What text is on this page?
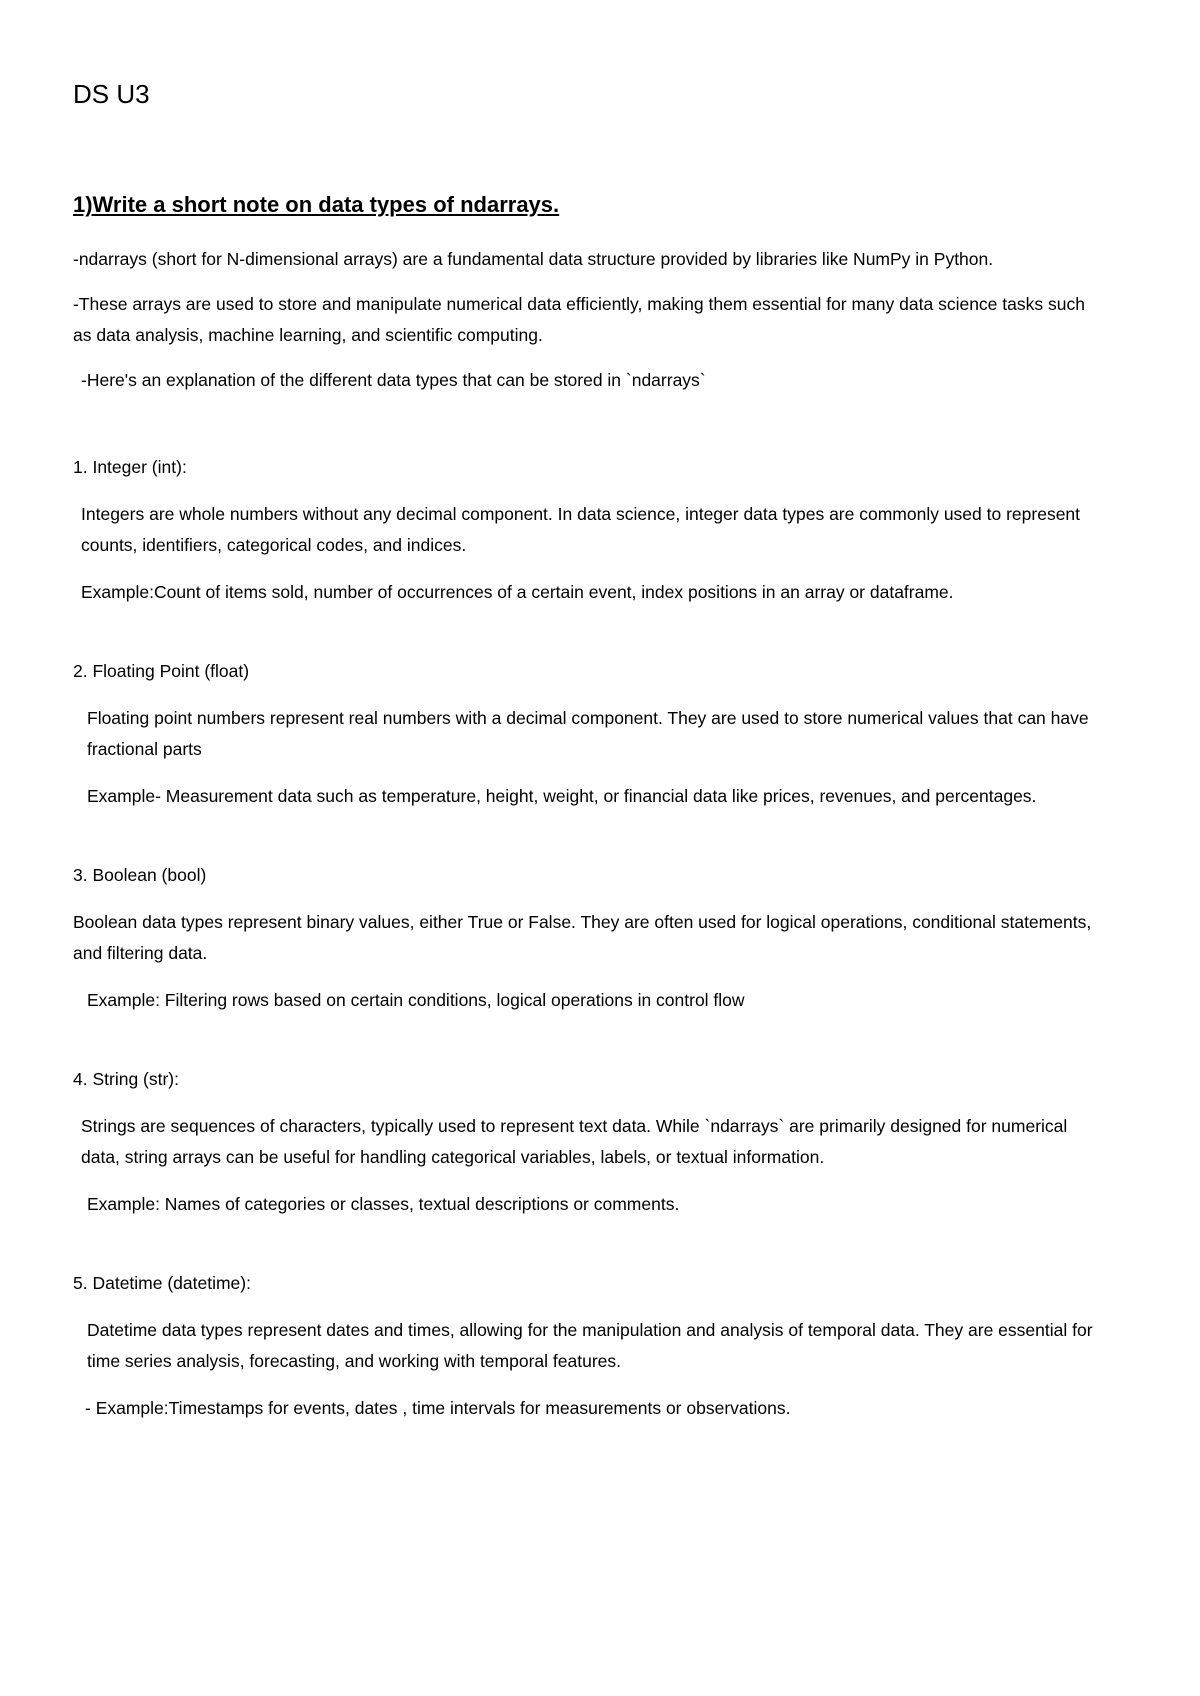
DS U3

1)Write a short note on data types of ndarrays.

-ndarrays (short for N-dimensional arrays) are a fundamental data structure provided by libraries like NumPy in Python.

-These arrays are used to store and manipulate numerical data efficiently, making them essential for many data science tasks such as data analysis, machine learning, and scientific computing.

-Here's an explanation of the different data types that can be stored in `ndarrays`

1. Integer (int):

Integers are whole numbers without any decimal component. In data science, integer data types are commonly used to represent counts, identifiers, categorical codes, and indices.

Example:Count of items sold, number of occurrences of a certain event, index positions in an array or dataframe.

2. Floating Point (float)

Floating point numbers represent real numbers with a decimal component. They are used to store numerical values that can have fractional parts

Example- Measurement data such as temperature, height, weight, or financial data like prices, revenues, and percentages.

3. Boolean (bool)

Boolean data types represent binary values, either True or False. They are often used for logical operations, conditional statements, and filtering data.

Example: Filtering rows based on certain conditions, logical operations in control flow

4. String (str):

Strings are sequences of characters, typically used to represent text data. While `ndarrays` are primarily designed for numerical data, string arrays can be useful for handling categorical variables, labels, or textual information.

Example: Names of categories or classes, textual descriptions or comments.

5. Datetime (datetime):

Datetime data types represent dates and times, allowing for the manipulation and analysis of temporal data. They are essential for time series analysis, forecasting, and working with temporal features.

- Example:Timestamps for events, dates , time intervals for measurements or observations.
